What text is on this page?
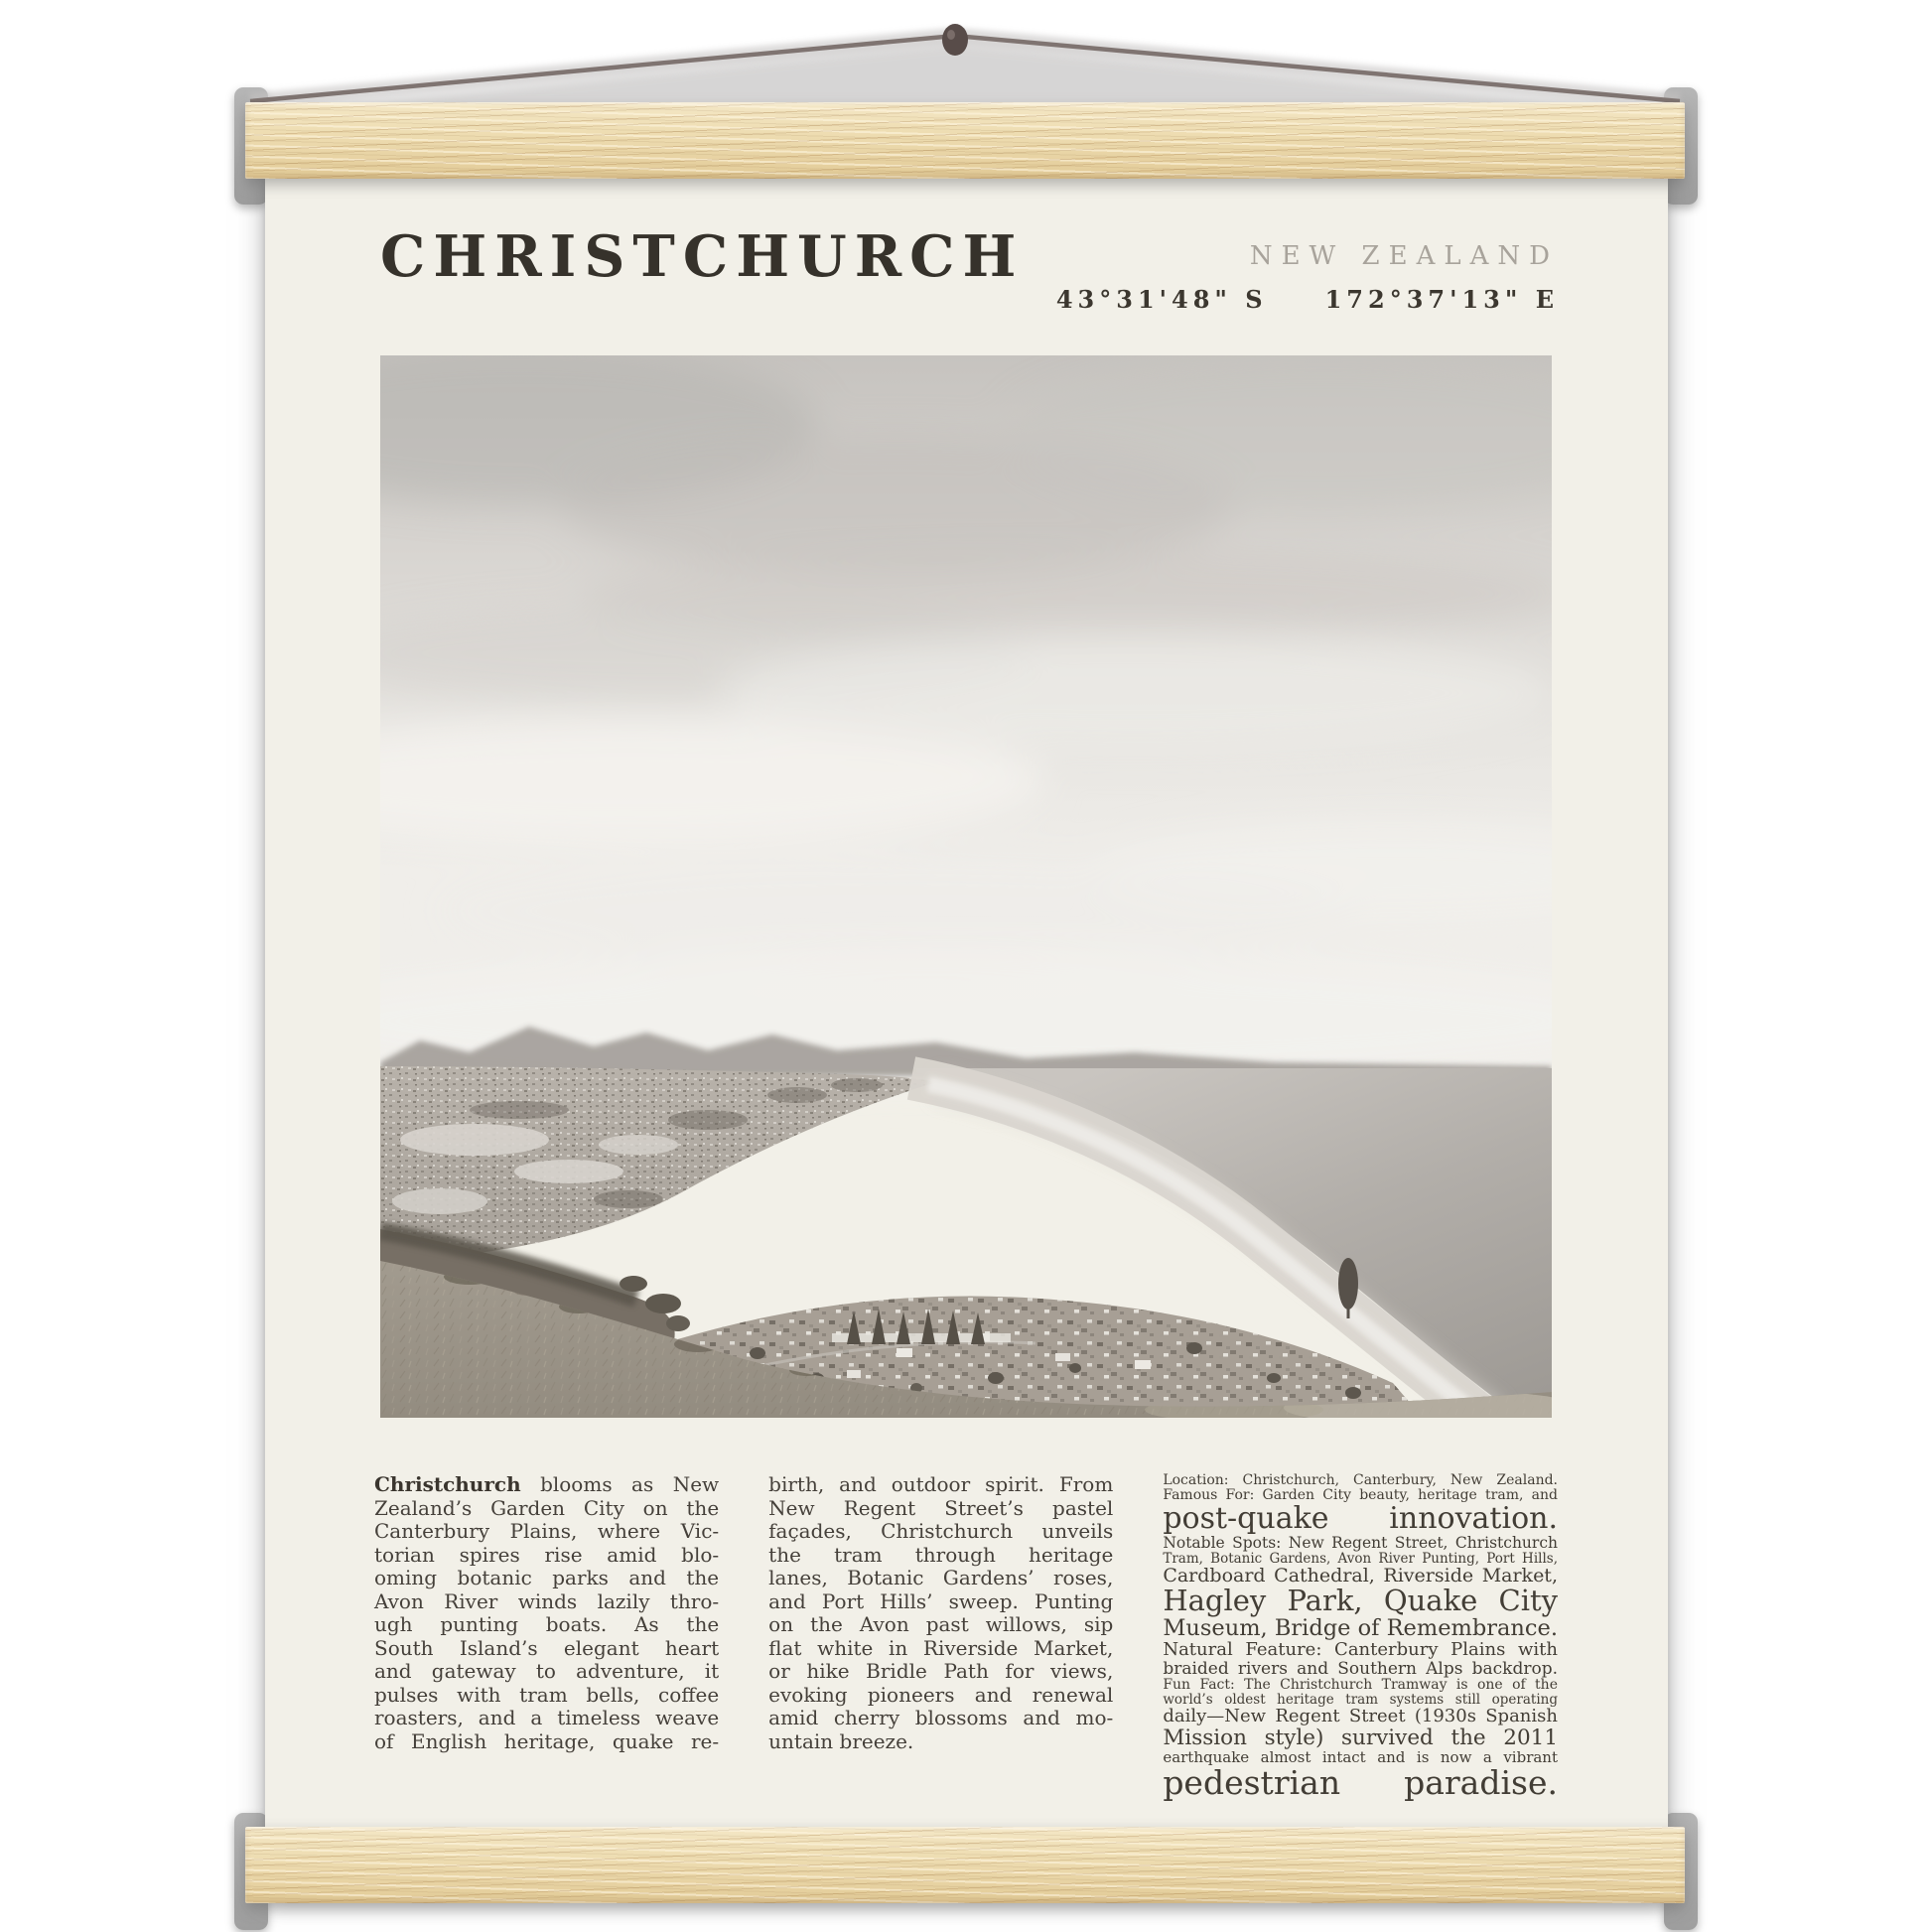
CHRISTCHURCH	NEW ZEALAND
43°31'48" S 172°37'13" E
Christchurch blooms as New
Zealand’s Garden City on the
Canterbury Plains, where Vic-
torian spires rise amid blo-
oming botanic parks and the
Avon River winds lazily thro-
ugh punting boats. As the
South Island’s elegant heart
and gateway to adventure, it
pulses with tram bells, coffee
roasters, and a timeless weave
of English heritage, quake re-
birth, and outdoor spirit. From
New Regent Street’s pastel
façades, Christchurch unveils
the tram through heritage
lanes, Botanic Gardens’ roses,
and Port Hills’ sweep. Punting
on the Avon past willows, sip
flat white in Riverside Market,
or hike Bridle Path for views,
evoking pioneers and renewal
amid cherry blossoms and mo-
untain breeze.
Location: Christchurch, Canterbury, New Zealand.
Famous For: Garden City beauty, heritage tram, and
post-quake innovation.
Notable Spots: New Regent Street, Christchurch
Tram, Botanic Gardens, Avon River Punting, Port Hills,
Cardboard Cathedral, Riverside Market,
Hagley Park, Quake City
Museum, Bridge of Remembrance.
Natural Feature: Canterbury Plains with
braided rivers and Southern Alps backdrop.
Fun Fact: The Christchurch Tramway is one of the
world’s oldest heritage tram systems still operating
daily—New Regent Street (1930s Spanish
Mission style) survived the 2011
earthquake almost intact and is now a vibrant
pedestrian paradise.
